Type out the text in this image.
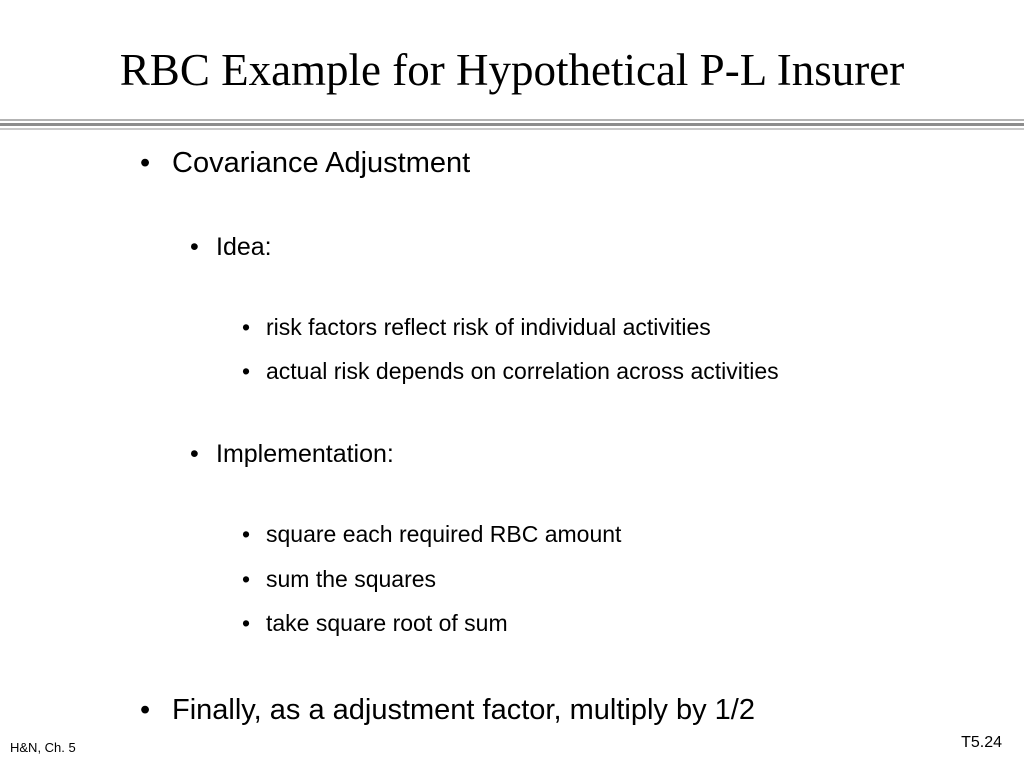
RBC Example for Hypothetical P-L Insurer
• Covariance Adjustment
• Idea:
• risk factors reflect risk of individual activities
• actual risk depends on correlation across activities
• Implementation:
• square each required RBC amount
• sum the squares
• take square root of sum
• Finally, as a adjustment factor, multiply by 1/2
H&N, Ch. 5	T5.24
